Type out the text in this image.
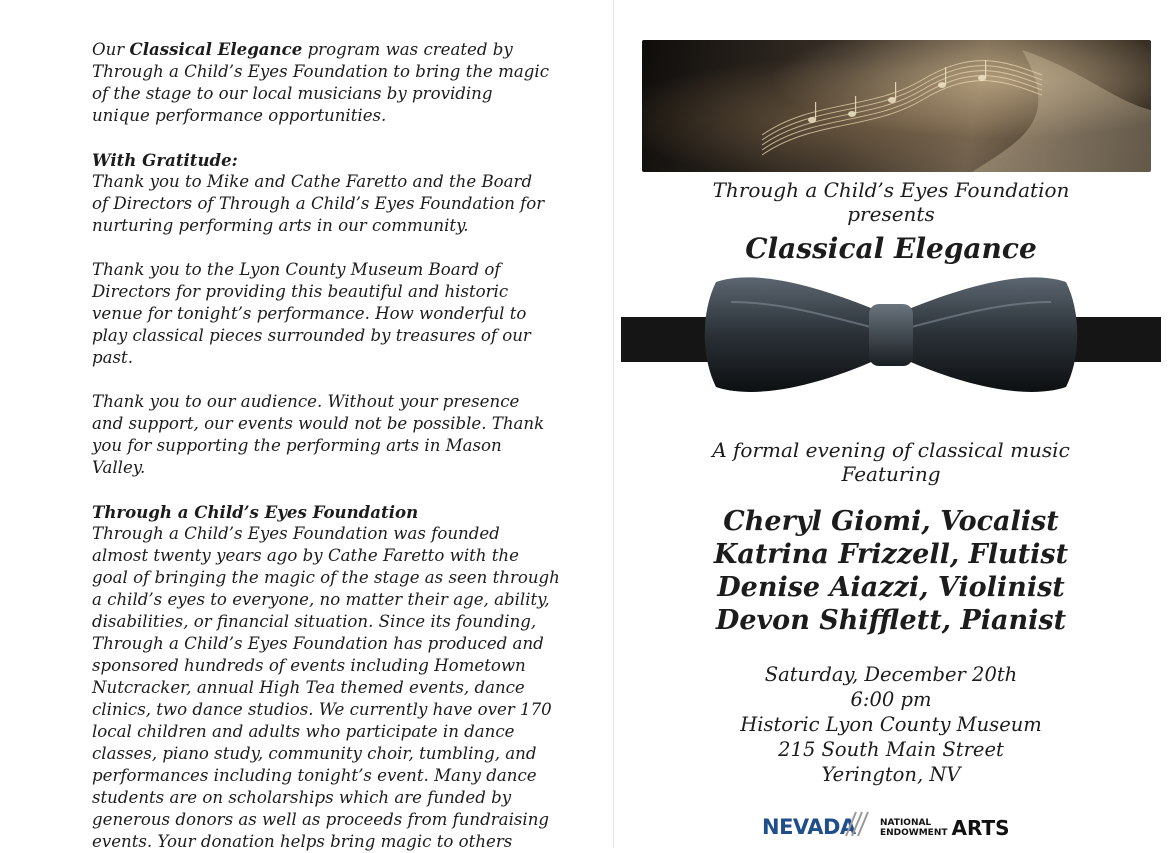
Our Classical Elegance program was created by

Through a Child’s Eyes Foundation to bring the magic

of the stage to our local musicians by providing

unique performance opportunities.

With Gratitude:

Thank you to Mike and Cathe Faretto and the Board

of Directors of Through a Child’s Eyes Foundation for

nurturing performing arts in our community.

Thank you to the Lyon County Museum Board of

Directors for providing this beautiful and historic

venue for tonight’s performance. How wonderful to

play classical pieces surrounded by treasures of our

past.

Thank you to our audience. Without your presence

and support, our events would not be possible. Thank

you for supporting the performing arts in Mason

Valley.

Through a Child’s Eyes Foundation

Through a Child’s Eyes Foundation was founded

almost twenty years ago by Cathe Faretto with the

goal of bringing the magic of the stage as seen through

a child’s eyes to everyone, no matter their age, ability,

disabilities, or financial situation. Since its founding,

Through a Child’s Eyes Foundation has produced and

sponsored hundreds of events including Hometown

Nutcracker, annual High Tea themed events, dance

clinics, two dance studios. We currently have over 170

local children and adults who participate in dance

classes, piano study, community choir, tumbling, and

performances including tonight’s event. Many dance

students are on scholarships which are funded by

generous donors as well as proceeds from fundraising

events. Your donation helps bring magic to others

Through a Child’s Eyes Foundation
presents
Classical Elegance
A formal evening of classical music
Featuring
Cheryl Giomi, Vocalist
Katrina Frizzell, Flutist
Denise Aiazzi, Violinist
Devon Shifflett, Pianist
Saturday, December 20th
6:00 pm
Historic Lyon County Museum
215 South Main Street
Yerington, NV
NEVADA	NATIONAL
ENDOWMENT ARTS
